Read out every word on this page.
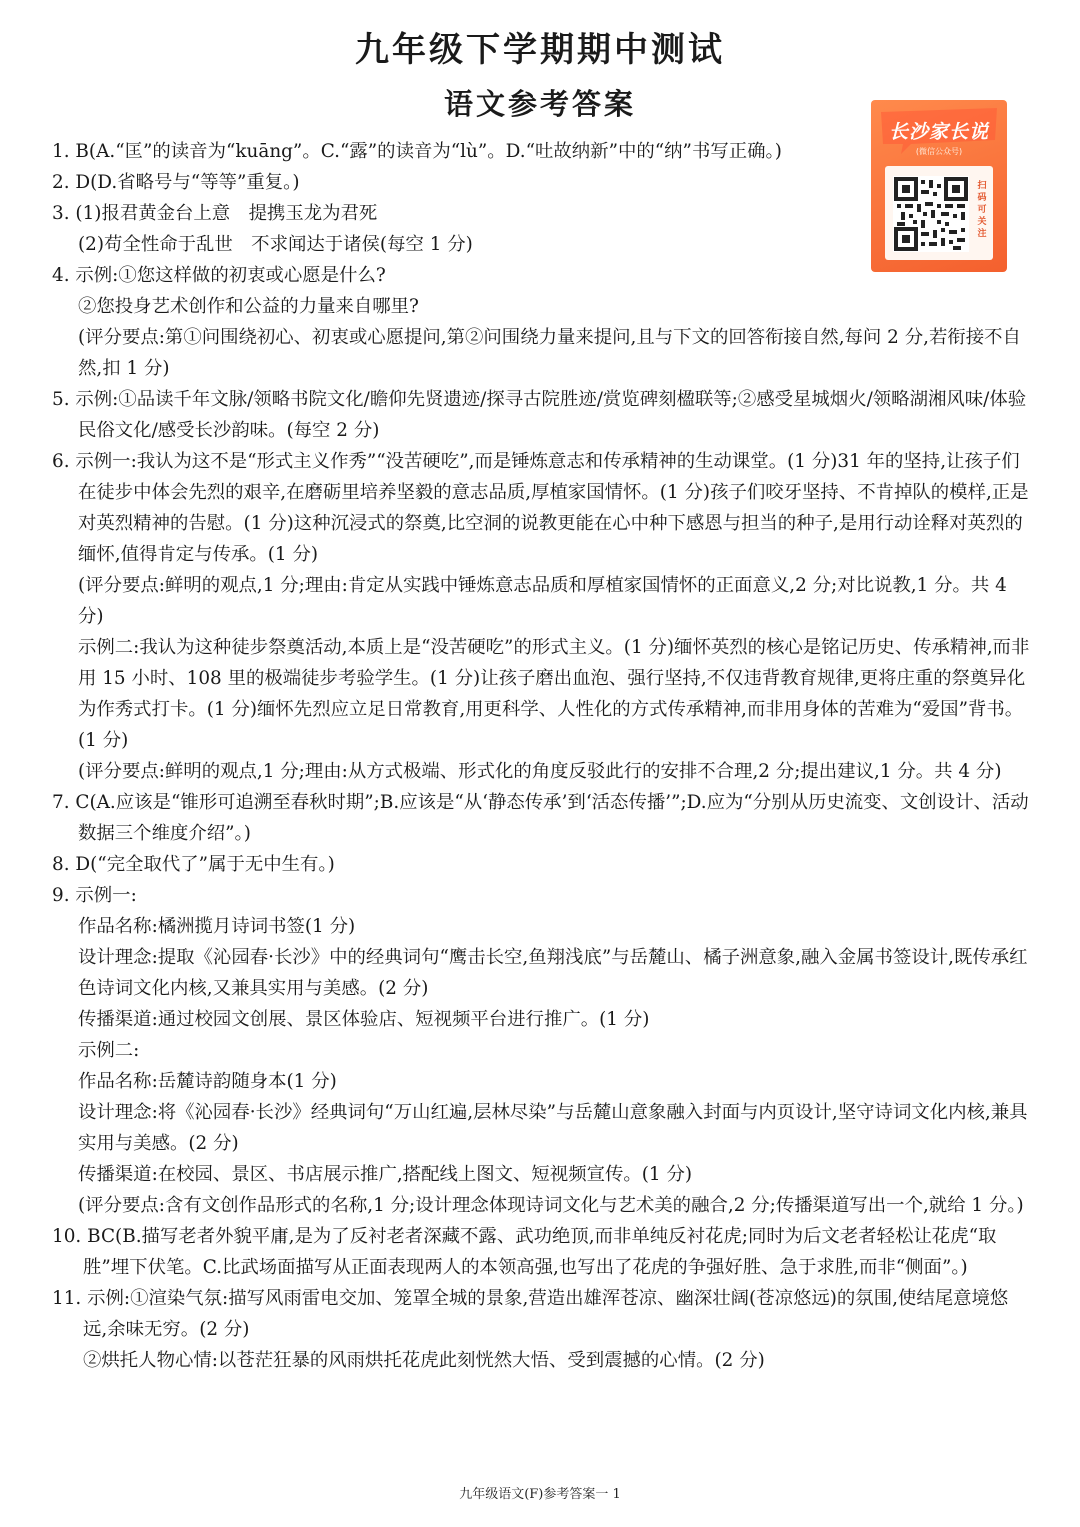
九年级下学期期中测试
语文参考答案
长沙家长说
(微信公众号)
扫码可关注

1. B(A.“匡”的读音为“kuāng”。C.“露”的读音为“lù”。D.“吐故纳新”中的“纳”书写正确。)

2. D(D.省略号与“等等”重复。)

3. (1)报君黄金台上意　提携玉龙为君死

(2)苟全性命于乱世　不求闻达于诸侯(每空 1 分)

4. 示例:①您这样做的初衷或心愿是什么?

②您投身艺术创作和公益的力量来自哪里?

(评分要点:第①问围绕初心、初衷或心愿提问,第②问围绕力量来提问,且与下文的回答衔接自然,每问 2 分,若衔接不自然,扣 1 分)

5. 示例:①品读千年文脉/领略书院文化/瞻仰先贤遗迹/探寻古院胜迹/赏览碑刻楹联等;②感受星城烟火/领略湖湘风味/体验民俗文化/感受长沙韵味。(每空 2 分)

6. 示例一:我认为这不是“形式主义作秀”“没苦硬吃”,而是锤炼意志和传承精神的生动课堂。(1 分)31 年的坚持,让孩子们在徒步中体会先烈的艰辛,在磨砺里培养坚毅的意志品质,厚植家国情怀。(1 分)孩子们咬牙坚持、不肯掉队的模样,正是对英烈精神的告慰。(1 分)这种沉浸式的祭奠,比空洞的说教更能在心中种下感恩与担当的种子,是用行动诠释对英烈的缅怀,值得肯定与传承。(1 分)

(评分要点:鲜明的观点,1 分;理由:肯定从实践中锤炼意志品质和厚植家国情怀的正面意义,2 分;对比说教,1 分。共 4 分)

示例二:我认为这种徒步祭奠活动,本质上是“没苦硬吃”的形式主义。(1 分)缅怀英烈的核心是铭记历史、传承精神,而非用 15 小时、108 里的极端徒步考验学生。(1 分)让孩子磨出血泡、强行坚持,不仅违背教育规律,更将庄重的祭奠异化为作秀式打卡。(1 分)缅怀先烈应立足日常教育,用更科学、人性化的方式传承精神,而非用身体的苦难为“爱国”背书。(1 分)

(评分要点:鲜明的观点,1 分;理由:从方式极端、形式化的角度反驳此行的安排不合理,2 分;提出建议,1 分。共 4 分)

7. C(A.应该是“锥形可追溯至春秋时期”;B.应该是“从‘静态传承’到‘活态传播’”;D.应为“分别从历史流变、文创设计、活动数据三个维度介绍”。)

8. D(“完全取代了”属于无中生有。)

9. 示例一:

作品名称:橘洲揽月诗词书签(1 分)

设计理念:提取《沁园春·长沙》中的经典词句“鹰击长空,鱼翔浅底”与岳麓山、橘子洲意象,融入金属书签设计,既传承红色诗词文化内核,又兼具实用与美感。(2 分)

传播渠道:通过校园文创展、景区体验店、短视频平台进行推广。(1 分)

示例二:

作品名称:岳麓诗韵随身本(1 分)

设计理念:将《沁园春·长沙》经典词句“万山红遍,层林尽染”与岳麓山意象融入封面与内页设计,坚守诗词文化内核,兼具实用与美感。(2 分)

传播渠道:在校园、景区、书店展示推广,搭配线上图文、短视频宣传。(1 分)

(评分要点:含有文创作品形式的名称,1 分;设计理念体现诗词文化与艺术美的融合,2 分;传播渠道写出一个,就给 1 分。)

10. BC(B.描写老者外貌平庸,是为了反衬老者深藏不露、武功绝顶,而非单纯反衬花虎;同时为后文老者轻松让花虎“取胜”埋下伏笔。C.比武场面描写从正面表现两人的本领高强,也写出了花虎的争强好胜、急于求胜,而非“侧面”。)

11. 示例:①渲染气氛:描写风雨雷电交加、笼罩全城的景象,营造出雄浑苍凉、幽深壮阔(苍凉悠远)的氛围,使结尾意境悠远,余味无穷。(2 分)

②烘托人物心情:以苍茫狂暴的风雨烘托花虎此刻恍然大悟、受到震撼的心情。(2 分)

九年级语文(F)参考答案一 1
